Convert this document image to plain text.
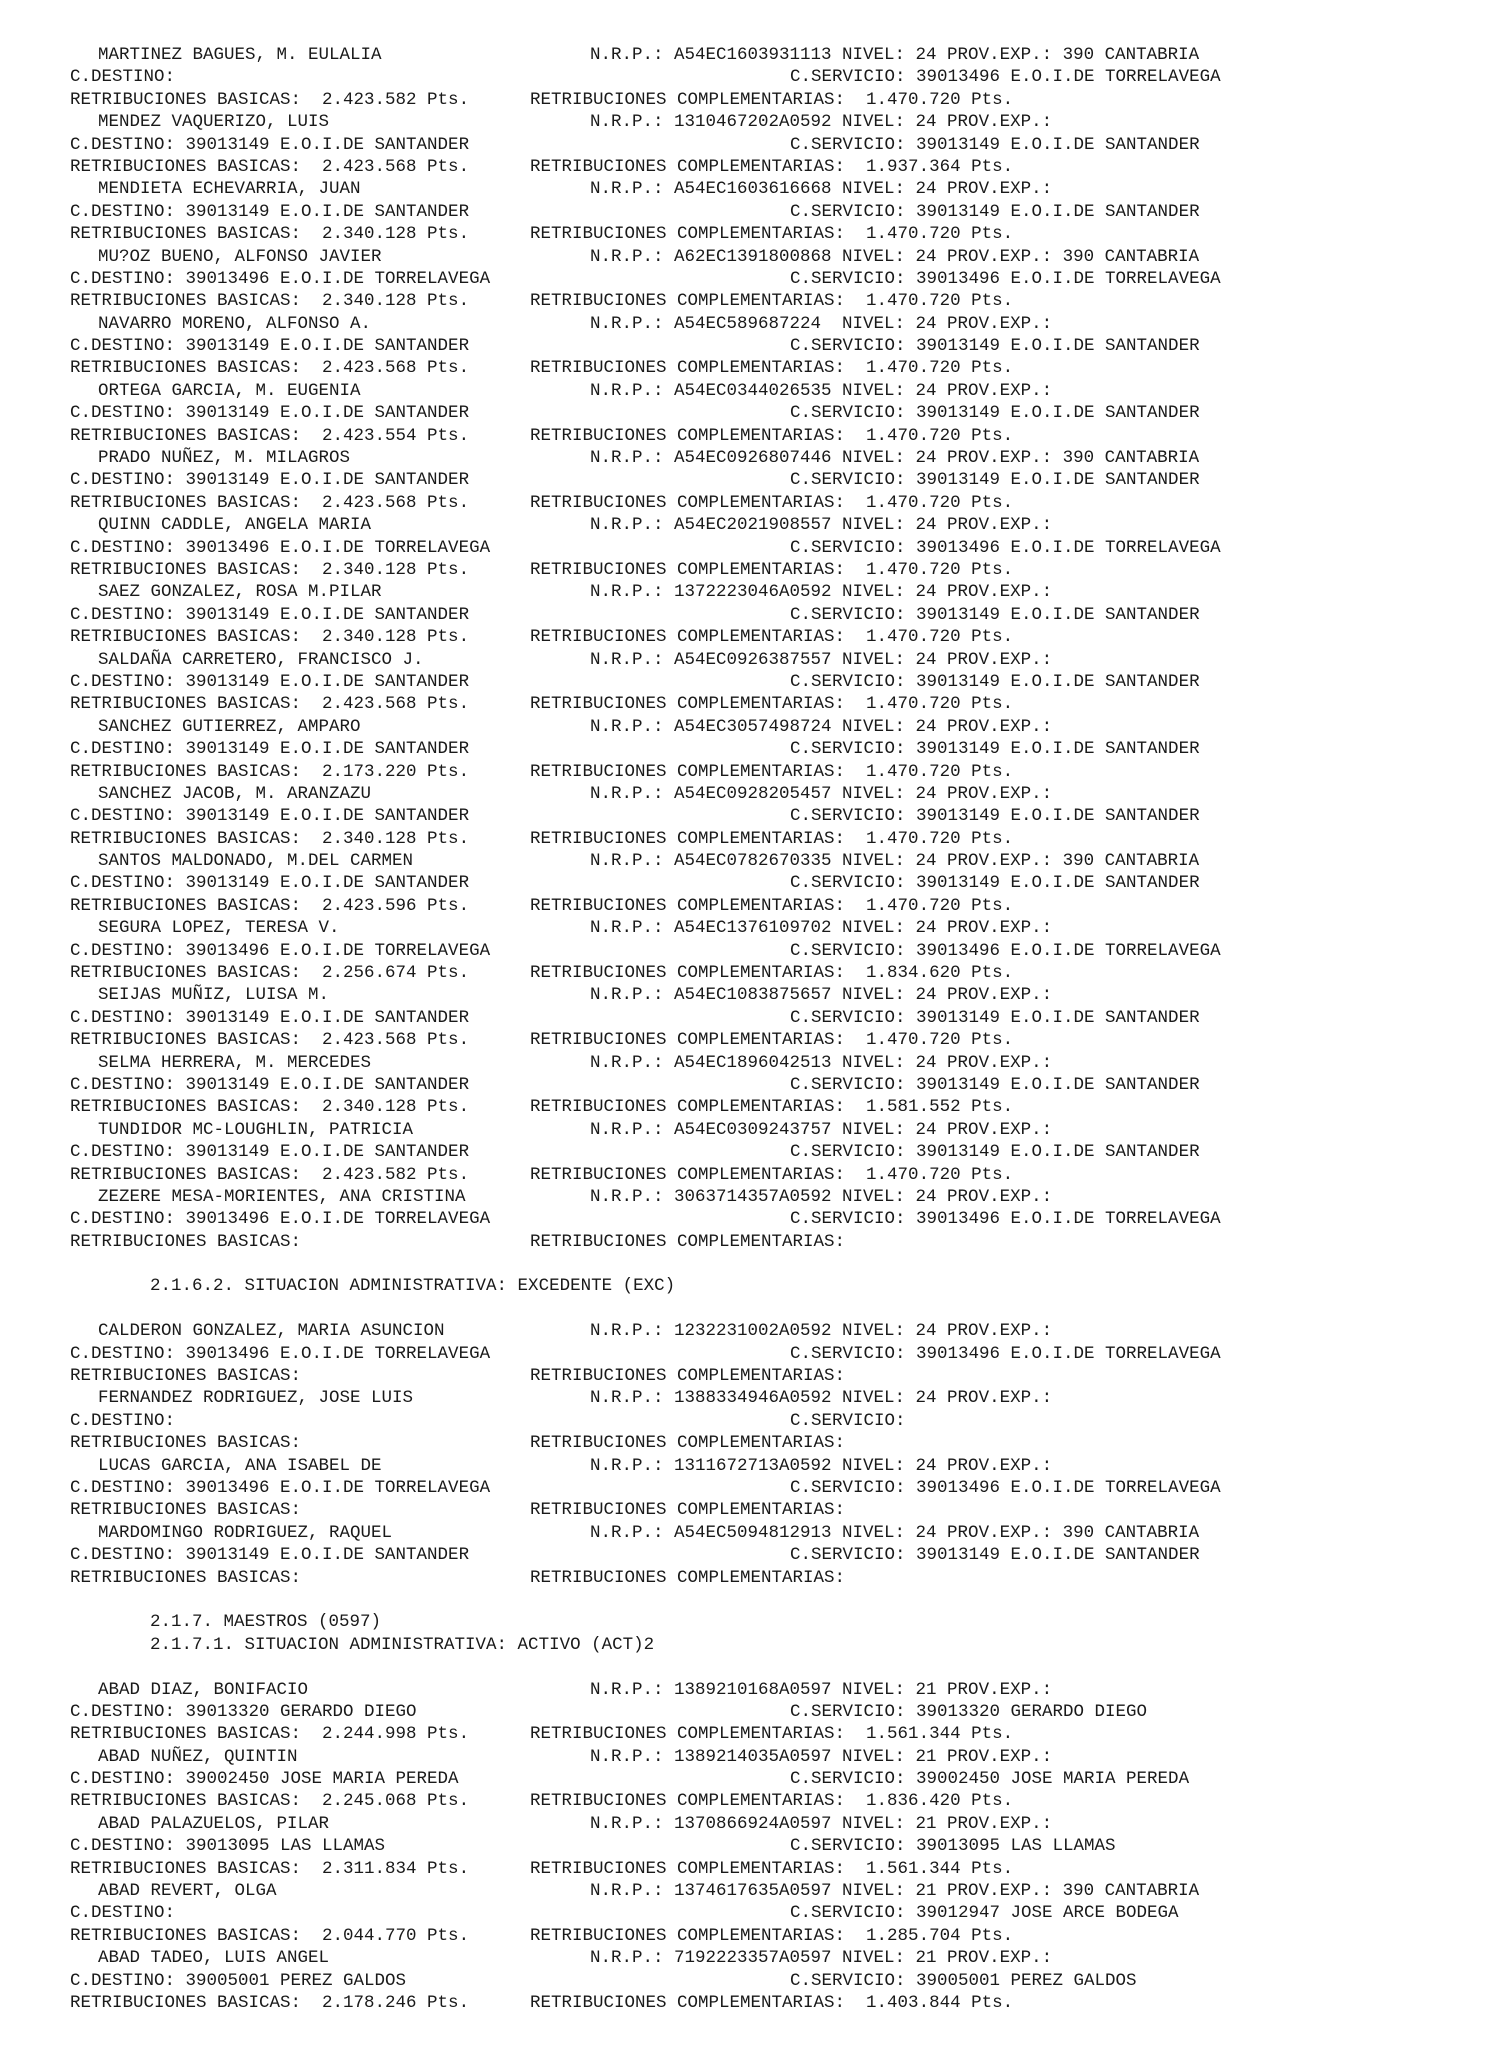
MARTINEZ BAGUES, M. EULALIA	N.R.P.: A54EC1603931113 NIVEL: 24 PROV.EXP.: 390 CANTABRIA
C.DESTINO:	C.SERVICIO: 39013496 E.O.I.DE TORRELAVEGA
RETRIBUCIONES BASICAS:  2.423.582 Pts.	RETRIBUCIONES COMPLEMENTARIAS:  1.470.720 Pts.
MENDEZ VAQUERIZO, LUIS	N.R.P.: 1310467202A0592 NIVEL: 24 PROV.EXP.:
C.DESTINO: 39013149 E.O.I.DE SANTANDER	C.SERVICIO: 39013149 E.O.I.DE SANTANDER
RETRIBUCIONES BASICAS:  2.423.568 Pts.	RETRIBUCIONES COMPLEMENTARIAS:  1.937.364 Pts.
MENDIETA ECHEVARRIA, JUAN	N.R.P.: A54EC1603616668 NIVEL: 24 PROV.EXP.:
C.DESTINO: 39013149 E.O.I.DE SANTANDER	C.SERVICIO: 39013149 E.O.I.DE SANTANDER
RETRIBUCIONES BASICAS:  2.340.128 Pts.	RETRIBUCIONES COMPLEMENTARIAS:  1.470.720 Pts.
MU?OZ BUENO, ALFONSO JAVIER	N.R.P.: A62EC1391800868 NIVEL: 24 PROV.EXP.: 390 CANTABRIA
C.DESTINO: 39013496 E.O.I.DE TORRELAVEGA	C.SERVICIO: 39013496 E.O.I.DE TORRELAVEGA
RETRIBUCIONES BASICAS:  2.340.128 Pts.	RETRIBUCIONES COMPLEMENTARIAS:  1.470.720 Pts.
NAVARRO MORENO, ALFONSO A.	N.R.P.: A54EC589687224  NIVEL: 24 PROV.EXP.:
C.DESTINO: 39013149 E.O.I.DE SANTANDER	C.SERVICIO: 39013149 E.O.I.DE SANTANDER
RETRIBUCIONES BASICAS:  2.423.568 Pts.	RETRIBUCIONES COMPLEMENTARIAS:  1.470.720 Pts.
ORTEGA GARCIA, M. EUGENIA	N.R.P.: A54EC0344026535 NIVEL: 24 PROV.EXP.:
C.DESTINO: 39013149 E.O.I.DE SANTANDER	C.SERVICIO: 39013149 E.O.I.DE SANTANDER
RETRIBUCIONES BASICAS:  2.423.554 Pts.	RETRIBUCIONES COMPLEMENTARIAS:  1.470.720 Pts.
PRADO NUÑEZ, M. MILAGROS	N.R.P.: A54EC0926807446 NIVEL: 24 PROV.EXP.: 390 CANTABRIA
C.DESTINO: 39013149 E.O.I.DE SANTANDER	C.SERVICIO: 39013149 E.O.I.DE SANTANDER
RETRIBUCIONES BASICAS:  2.423.568 Pts.	RETRIBUCIONES COMPLEMENTARIAS:  1.470.720 Pts.
QUINN CADDLE, ANGELA MARIA	N.R.P.: A54EC2021908557 NIVEL: 24 PROV.EXP.:
C.DESTINO: 39013496 E.O.I.DE TORRELAVEGA	C.SERVICIO: 39013496 E.O.I.DE TORRELAVEGA
RETRIBUCIONES BASICAS:  2.340.128 Pts.	RETRIBUCIONES COMPLEMENTARIAS:  1.470.720 Pts.
SAEZ GONZALEZ, ROSA M.PILAR	N.R.P.: 1372223046A0592 NIVEL: 24 PROV.EXP.:
C.DESTINO: 39013149 E.O.I.DE SANTANDER	C.SERVICIO: 39013149 E.O.I.DE SANTANDER
RETRIBUCIONES BASICAS:  2.340.128 Pts.	RETRIBUCIONES COMPLEMENTARIAS:  1.470.720 Pts.
SALDAÑA CARRETERO, FRANCISCO J.	N.R.P.: A54EC0926387557 NIVEL: 24 PROV.EXP.:
C.DESTINO: 39013149 E.O.I.DE SANTANDER	C.SERVICIO: 39013149 E.O.I.DE SANTANDER
RETRIBUCIONES BASICAS:  2.423.568 Pts.	RETRIBUCIONES COMPLEMENTARIAS:  1.470.720 Pts.
SANCHEZ GUTIERREZ, AMPARO	N.R.P.: A54EC3057498724 NIVEL: 24 PROV.EXP.:
C.DESTINO: 39013149 E.O.I.DE SANTANDER	C.SERVICIO: 39013149 E.O.I.DE SANTANDER
RETRIBUCIONES BASICAS:  2.173.220 Pts.	RETRIBUCIONES COMPLEMENTARIAS:  1.470.720 Pts.
SANCHEZ JACOB, M. ARANZAZU	N.R.P.: A54EC0928205457 NIVEL: 24 PROV.EXP.:
C.DESTINO: 39013149 E.O.I.DE SANTANDER	C.SERVICIO: 39013149 E.O.I.DE SANTANDER
RETRIBUCIONES BASICAS:  2.340.128 Pts.	RETRIBUCIONES COMPLEMENTARIAS:  1.470.720 Pts.
SANTOS MALDONADO, M.DEL CARMEN	N.R.P.: A54EC0782670335 NIVEL: 24 PROV.EXP.: 390 CANTABRIA
C.DESTINO: 39013149 E.O.I.DE SANTANDER	C.SERVICIO: 39013149 E.O.I.DE SANTANDER
RETRIBUCIONES BASICAS:  2.423.596 Pts.	RETRIBUCIONES COMPLEMENTARIAS:  1.470.720 Pts.
SEGURA LOPEZ, TERESA V.	N.R.P.: A54EC1376109702 NIVEL: 24 PROV.EXP.:
C.DESTINO: 39013496 E.O.I.DE TORRELAVEGA	C.SERVICIO: 39013496 E.O.I.DE TORRELAVEGA
RETRIBUCIONES BASICAS:  2.256.674 Pts.	RETRIBUCIONES COMPLEMENTARIAS:  1.834.620 Pts.
SEIJAS MUÑIZ, LUISA M.	N.R.P.: A54EC1083875657 NIVEL: 24 PROV.EXP.:
C.DESTINO: 39013149 E.O.I.DE SANTANDER	C.SERVICIO: 39013149 E.O.I.DE SANTANDER
RETRIBUCIONES BASICAS:  2.423.568 Pts.	RETRIBUCIONES COMPLEMENTARIAS:  1.470.720 Pts.
SELMA HERRERA, M. MERCEDES	N.R.P.: A54EC1896042513 NIVEL: 24 PROV.EXP.:
C.DESTINO: 39013149 E.O.I.DE SANTANDER	C.SERVICIO: 39013149 E.O.I.DE SANTANDER
RETRIBUCIONES BASICAS:  2.340.128 Pts.	RETRIBUCIONES COMPLEMENTARIAS:  1.581.552 Pts.
TUNDIDOR MC-LOUGHLIN, PATRICIA	N.R.P.: A54EC0309243757 NIVEL: 24 PROV.EXP.:
C.DESTINO: 39013149 E.O.I.DE SANTANDER	C.SERVICIO: 39013149 E.O.I.DE SANTANDER
RETRIBUCIONES BASICAS:  2.423.582 Pts.	RETRIBUCIONES COMPLEMENTARIAS:  1.470.720 Pts.
ZEZERE MESA-MORIENTES, ANA CRISTINA	N.R.P.: 3063714357A0592 NIVEL: 24 PROV.EXP.:
C.DESTINO: 39013496 E.O.I.DE TORRELAVEGA	C.SERVICIO: 39013496 E.O.I.DE TORRELAVEGA
RETRIBUCIONES BASICAS:	RETRIBUCIONES COMPLEMENTARIAS:
2.1.6.2. SITUACION ADMINISTRATIVA: EXCEDENTE (EXC)
CALDERON GONZALEZ, MARIA ASUNCION	N.R.P.: 1232231002A0592 NIVEL: 24 PROV.EXP.:
C.DESTINO: 39013496 E.O.I.DE TORRELAVEGA	C.SERVICIO: 39013496 E.O.I.DE TORRELAVEGA
RETRIBUCIONES BASICAS:	RETRIBUCIONES COMPLEMENTARIAS:
FERNANDEZ RODRIGUEZ, JOSE LUIS	N.R.P.: 1388334946A0592 NIVEL: 24 PROV.EXP.:
C.DESTINO:	C.SERVICIO:
RETRIBUCIONES BASICAS:	RETRIBUCIONES COMPLEMENTARIAS:
LUCAS GARCIA, ANA ISABEL DE	N.R.P.: 1311672713A0592 NIVEL: 24 PROV.EXP.:
C.DESTINO: 39013496 E.O.I.DE TORRELAVEGA	C.SERVICIO: 39013496 E.O.I.DE TORRELAVEGA
RETRIBUCIONES BASICAS:	RETRIBUCIONES COMPLEMENTARIAS:
MARDOMINGO RODRIGUEZ, RAQUEL	N.R.P.: A54EC5094812913 NIVEL: 24 PROV.EXP.: 390 CANTABRIA
C.DESTINO: 39013149 E.O.I.DE SANTANDER	C.SERVICIO: 39013149 E.O.I.DE SANTANDER
RETRIBUCIONES BASICAS:	RETRIBUCIONES COMPLEMENTARIAS:
2.1.7. MAESTROS (0597)
2.1.7.1. SITUACION ADMINISTRATIVA: ACTIVO (ACT)2
ABAD DIAZ, BONIFACIO	N.R.P.: 1389210168A0597 NIVEL: 21 PROV.EXP.:
C.DESTINO: 39013320 GERARDO DIEGO	C.SERVICIO: 39013320 GERARDO DIEGO
RETRIBUCIONES BASICAS:  2.244.998 Pts.	RETRIBUCIONES COMPLEMENTARIAS:  1.561.344 Pts.
ABAD NUÑEZ, QUINTIN	N.R.P.: 1389214035A0597 NIVEL: 21 PROV.EXP.:
C.DESTINO: 39002450 JOSE MARIA PEREDA	C.SERVICIO: 39002450 JOSE MARIA PEREDA
RETRIBUCIONES BASICAS:  2.245.068 Pts.	RETRIBUCIONES COMPLEMENTARIAS:  1.836.420 Pts.
ABAD PALAZUELOS, PILAR	N.R.P.: 1370866924A0597 NIVEL: 21 PROV.EXP.:
C.DESTINO: 39013095 LAS LLAMAS	C.SERVICIO: 39013095 LAS LLAMAS
RETRIBUCIONES BASICAS:  2.311.834 Pts.	RETRIBUCIONES COMPLEMENTARIAS:  1.561.344 Pts.
ABAD REVERT, OLGA	N.R.P.: 1374617635A0597 NIVEL: 21 PROV.EXP.: 390 CANTABRIA
C.DESTINO:	C.SERVICIO: 39012947 JOSE ARCE BODEGA
RETRIBUCIONES BASICAS:  2.044.770 Pts.	RETRIBUCIONES COMPLEMENTARIAS:  1.285.704 Pts.
ABAD TADEO, LUIS ANGEL	N.R.P.: 7192223357A0597 NIVEL: 21 PROV.EXP.:
C.DESTINO: 39005001 PEREZ GALDOS	C.SERVICIO: 39005001 PEREZ GALDOS
RETRIBUCIONES BASICAS:  2.178.246 Pts.	RETRIBUCIONES COMPLEMENTARIAS:  1.403.844 Pts.
